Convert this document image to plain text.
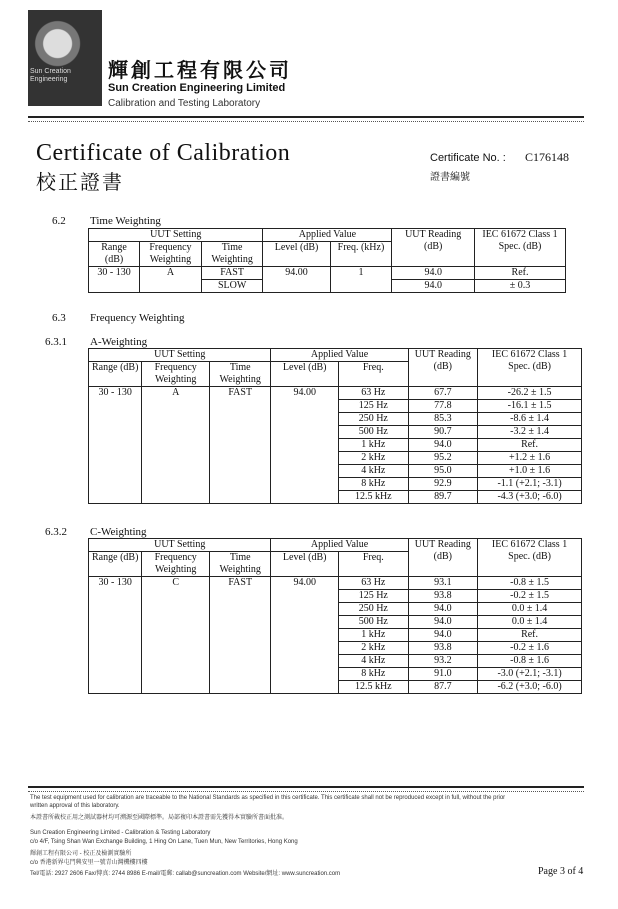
Sun Creation Engineering	輝創工程有限公司
Sun Creation Engineering Limited
Calibration and Testing Laboratory
Certificate of Calibration
校正證書
Certificate No. : C176148
證書編號
6.2 Time Weighting
UUT Setting			Applied Value		UUT Reading (dB)	IEC 61672 Class 1 Spec. (dB)
Range (dB)	Frequency Weighting	Time Weighting	Level (dB)	Freq. (kHz)		
30 - 130	A	FAST	94.00	1	94.0	Ref.
		SLOW			94.0	± 0.3
6.3 Frequency Weighting
6.3.1 A-Weighting
UUT Setting			Applied Value		UUT Reading (dB)	IEC 61672 Class 1 Spec. (dB)
Range (dB)	Frequency Weighting	Time Weighting	Level (dB)	Freq.		
30 - 130	A	FAST	94.00	63 Hz	67.7	-26.2 ± 1.5
				125 Hz	77.8	-16.1 ± 1.5
				250 Hz	85.3	-8.6 ± 1.4
				500 Hz	90.7	-3.2 ± 1.4
				1 kHz	94.0	Ref.
				2 kHz	95.2	+1.2 ± 1.6
				4 kHz	95.0	+1.0 ± 1.6
				8 kHz	92.9	-1.1 (+2.1; -3.1)
				12.5 kHz	89.7	-4.3 (+3.0; -6.0)
6.3.2 C-Weighting
UUT Setting			Applied Value		UUT Reading (dB)	IEC 61672 Class 1 Spec. (dB)
Range (dB)	Frequency Weighting	Time Weighting	Level (dB)	Freq.		
30 - 130	C	FAST	94.00	63 Hz	93.1	-0.8 ± 1.5
				125 Hz	93.8	-0.2 ± 1.5
				250 Hz	94.0	0.0 ± 1.4
				500 Hz	94.0	0.0 ± 1.4
				1 kHz	94.0	Ref.
				2 kHz	93.8	-0.2 ± 1.6
				4 kHz	93.2	-0.8 ± 1.6
				8 kHz	91.0	-3.0 (+2.1; -3.1)
				12.5 kHz	87.7	-6.2 (+3.0; -6.0)
The test equipment used for calibration are traceable to the National Standards as specified in this certificate. This certificate shall not be reproduced except in full, without the prior
written approval of this laboratory.
本證書所載校正用之測試器材均可溯源至國際標準。局部複印本證書需先獲得本實驗所書面批准。
Sun Creation Engineering Limited - Calibration & Testing Laboratory
c/o 4/F, Tsing Shan Wan Exchange Building, 1 Hing On Lane, Tuen Mun, New Territories, Hong Kong
輝創工程有限公司 - 校正及檢測實驗所
c/o 香港新界屯門興安里一號青山灣機樓四樓
Tel/電話: 2927 2606 Fax/傳真: 2744 8986 E-mail/電郵: callab@suncreation.com Website/網址: www.suncreation.com	Page 3 of 4
